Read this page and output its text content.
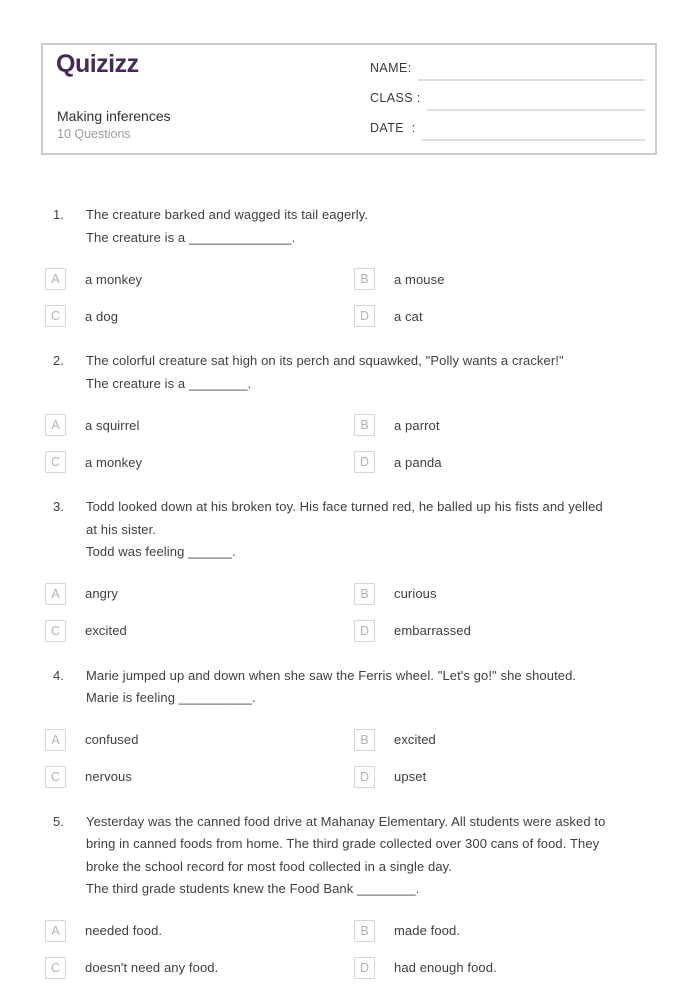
Quizizz
Making inferences
10 Questions
NAME:
CLASS :
DATE  :
1.	The creature barked and wagged its tail eagerly.
The creature is a ______________.
A	a monkey	B	a mouse
C	a dog	D	a cat
2.	The colorful creature sat high on its perch and squawked, "Polly wants a cracker!"
The creature is a ________.
A	a squirrel	B	a parrot
C	a monkey	D	a panda
3.	Todd looked down at his broken toy. His face turned red, he balled up his fists and yelled
at his sister.
Todd was feeling ______.
A	angry	B	curious
C	excited	D	embarrassed
4.	Marie jumped up and down when she saw the Ferris wheel. "Let's go!" she shouted.
Marie is feeling __________.
A	confused	B	excited
C	nervous	D	upset
5.	Yesterday was the canned food drive at Mahanay Elementary. All students were asked to
bring in canned foods from home. The third grade collected over 300 cans of food. They
broke the school record for most food collected in a single day.
The third grade students knew the Food Bank ________.
A	needed food.	B	made food.
C	doesn't need any food.	D	had enough food.
